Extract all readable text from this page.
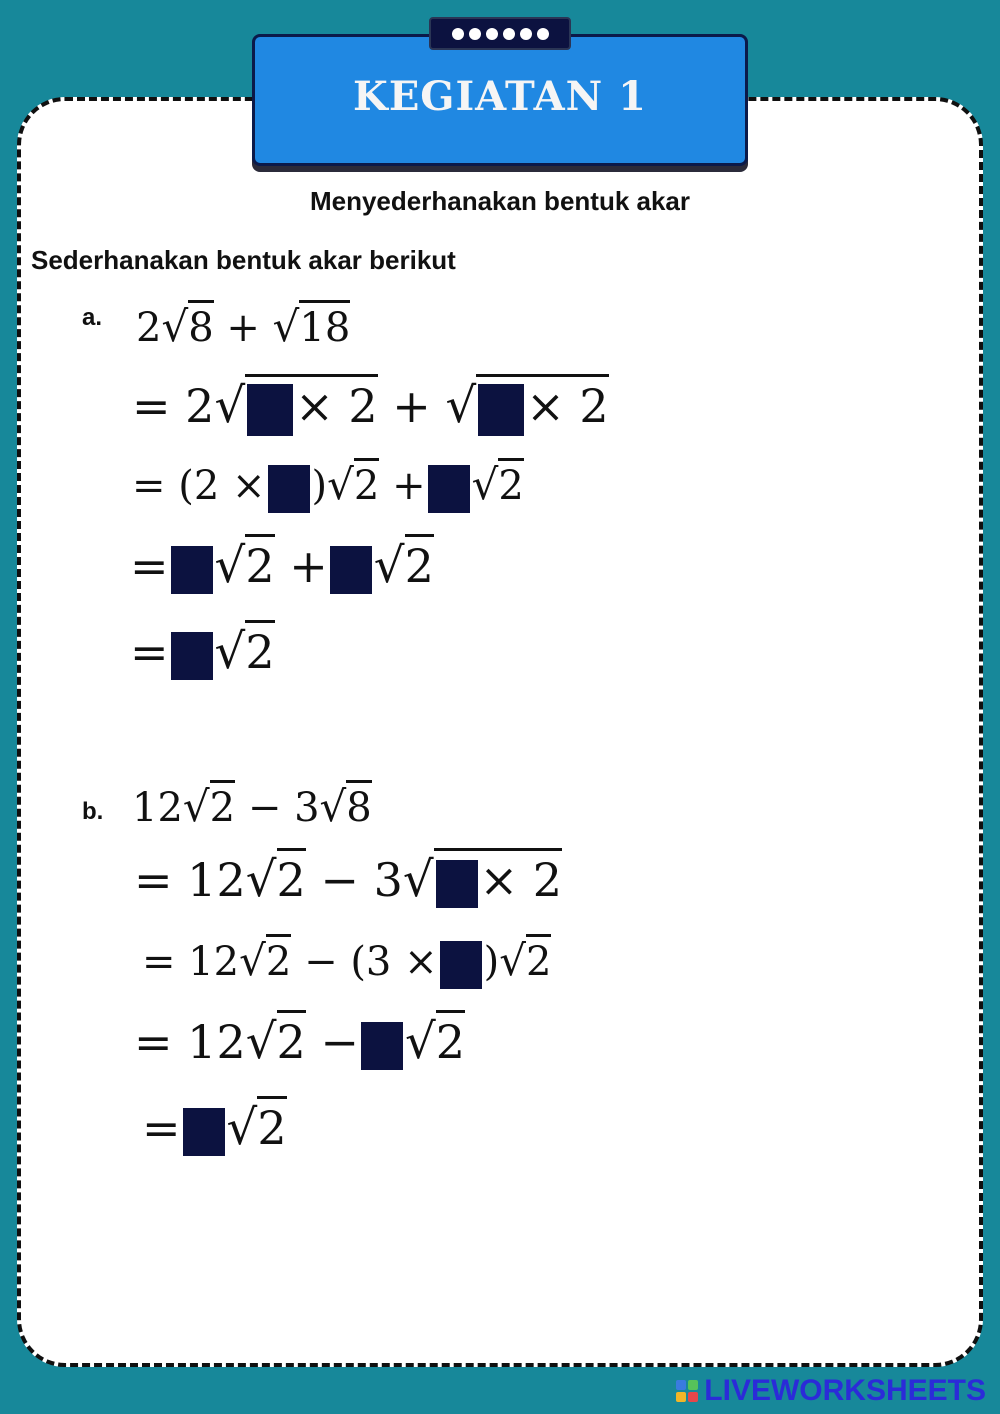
KEGIATAN 1
Menyederhanakan bentuk akar
Sederhanakan bentuk akar berikut
a. 2√8 + √18
= 2√ × 2 + √ × 2
= (2 × )√2 + √2
= √2 + √2
= √2
b. 12√2 − 3√8
= 12√2 − 3√ × 2
= 12√2 − (3 × )√2
= 12√2 − √2
= √2
LIVEWORKSHEETS
